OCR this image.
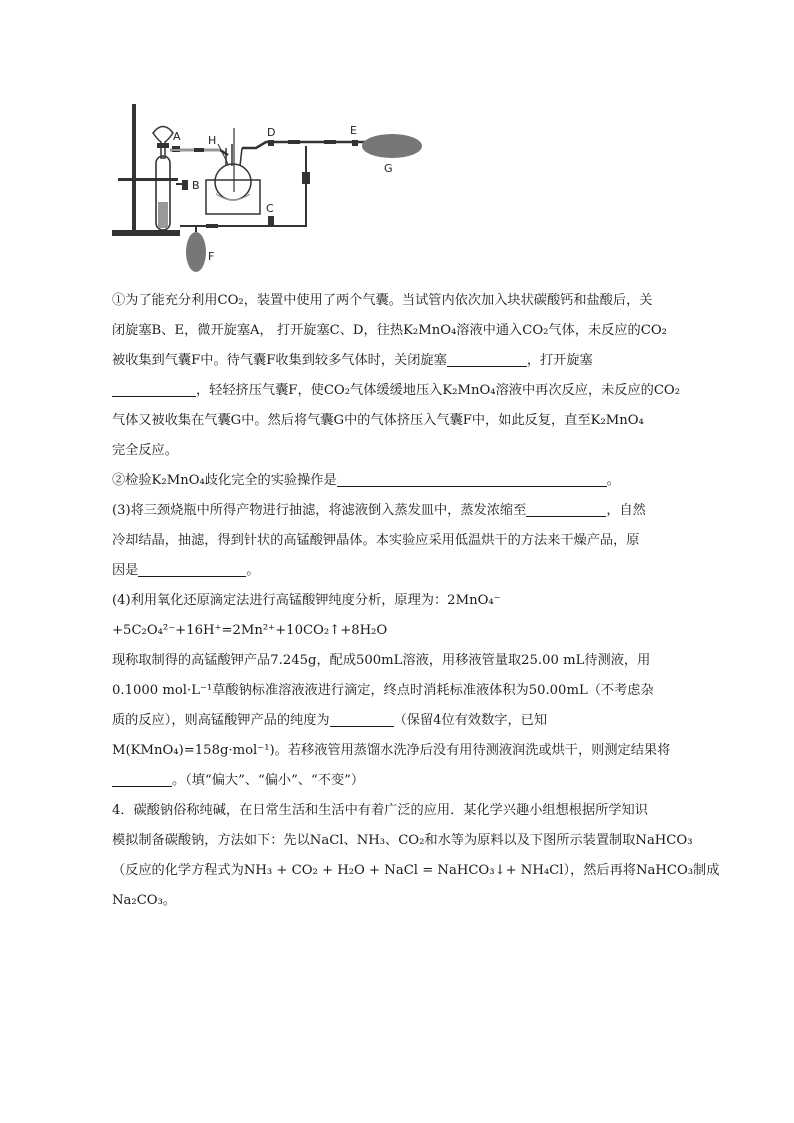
A
B
H
D	E
G
C
F
①为了能充分利用CO₂，装置中使用了两个气囊。当试管内依次加入块状碳酸钙和盐酸后，关
闭旋塞B、E，微开旋塞A， 打开旋塞C、D，往热K₂MnO₄溶液中通入CO₂气体，未反应的CO₂
被收集到气囊F中。待气囊F收集到较多气体时，关闭旋塞	，打开旋塞
，轻轻挤压气囊F，使CO₂气体缓缓地压入K₂MnO₄溶液中再次反应，未反应的CO₂
气体又被收集在气囊G中。然后将气囊G中的气体挤压入气囊F中，如此反复，直至K₂MnO₄
完全反应。
②检验K₂MnO₄歧化完全的实验操作是	。
(3)将三颈烧瓶中所得产物进行抽滤，将滤液倒入蒸发皿中，蒸发浓缩至	，自然
冷却结晶，抽滤，得到针状的高锰酸钾晶体。本实验应采用低温烘干的方法来干燥产品，原
因是	。
(4)利用氧化还原滴定法进行高锰酸钾纯度分析，原理为：2MnO₄⁻
+5C₂O₄²⁻+16H⁺=2Mn²⁺+10CO₂↑+8H₂O
现称取制得的高锰酸钾产品7.245g，配成500mL溶液，用移液管量取25.00 mL待测液，用
0.1000 mol·L⁻¹草酸钠标准溶液液进行滴定，终点时消耗标准液体积为50.00mL（不考虑杂
质的反应），则高锰酸钾产品的纯度为	（保留4位有效数字，已知
M(KMnO₄)=158g·mol⁻¹)。若移液管用蒸馏水洗净后没有用待测液润洗或烘干，则测定结果将
。（填“偏大”、“偏小”、“不变”）
4．碳酸钠俗称纯碱，在日常生活和生活中有着广泛的应用．某化学兴趣小组想根据所学知识
模拟制备碳酸钠，方法如下：先以NaCl、NH₃、CO₂和水等为原料以及下图所示装置制取NaHCO₃
（反应的化学方程式为NH₃ + CO₂ + H₂O + NaCl = NaHCO₃↓+ NH₄Cl），然后再将NaHCO₃制成
Na₂CO₃。
